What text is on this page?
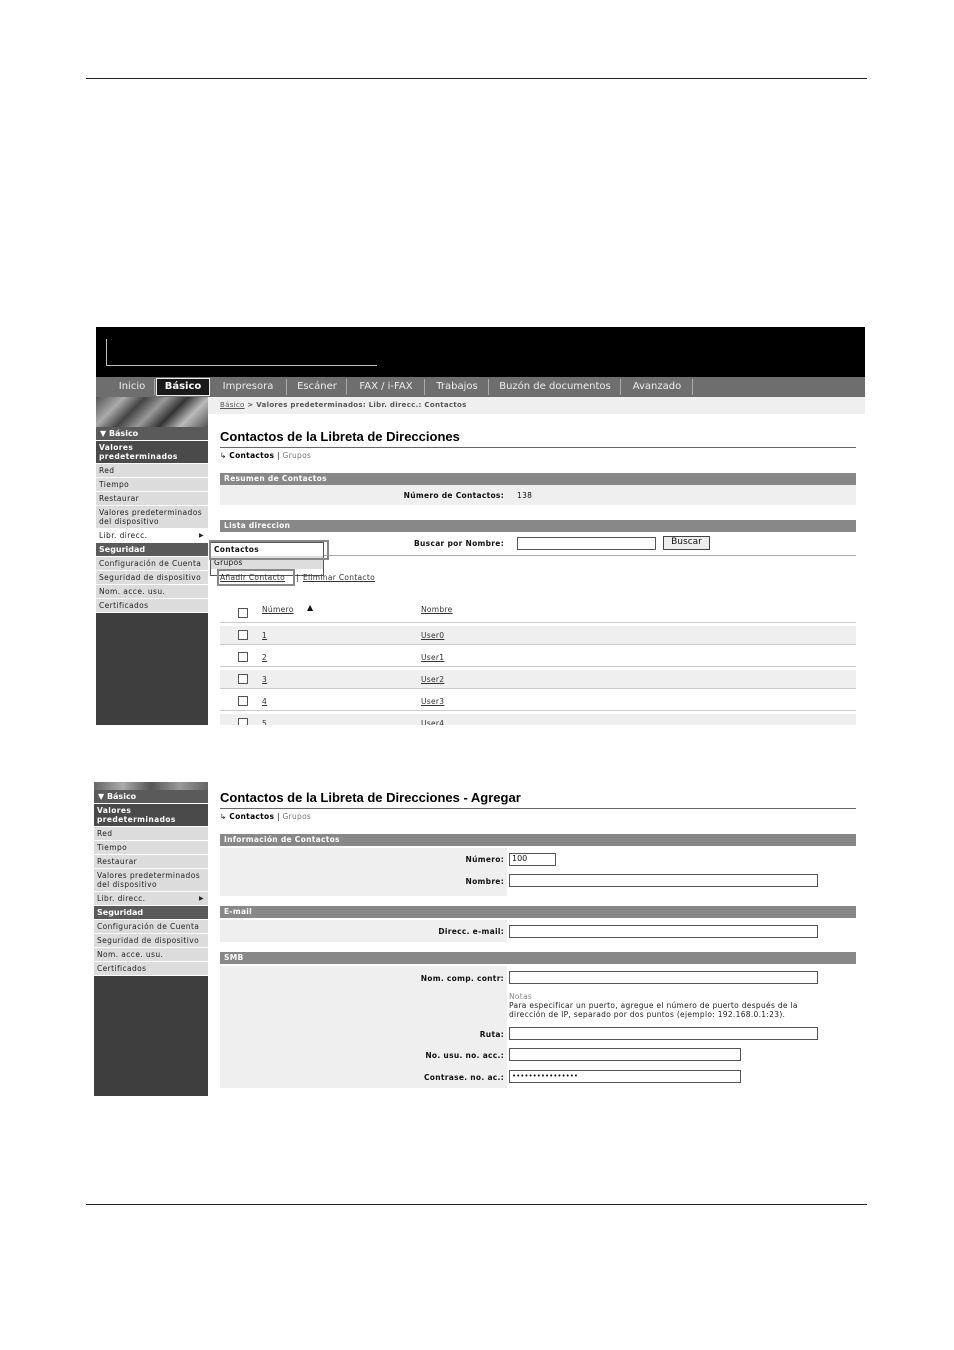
Inicio	Básico	Impresora	Escáner	FAX / i-FAX	Trabajos	Buzón de documentos	Avanzado
▼ Básico
Valores predeterminados
Red
Tiempo
Restaurar
Valores predeterminados del dispositivo
Libr. direcc. ▶
Seguridad
Configuración de Cuenta
Seguridad de dispositivo
Nom. acce. usu.
Certificados
Básico > Valores predeterminados: Libr. direcc.: Contactos
Contactos de la Libreta de Direcciones
↳ Contactos | Grupos
Resumen de Contactos
Número de Contactos: 138
Lista direccion
Buscar por Nombre:	Buscar
Contactos
Grupos
Añadir Contacto | Eliminar Contacto
Número ▲	Nombre
1	User0
2	User1
3	User2
4	User3
5	User4
▼ Básico
Valores predeterminados
Red
Tiempo
Restaurar
Valores predeterminados del dispositivo
Libr. direcc. ▶
Seguridad
Configuración de Cuenta
Seguridad de dispositivo
Nom. acce. usu.
Certificados
Contactos de la Libreta de Direcciones - Agregar
↳ Contactos | Grupos
Información de Contactos
Número:	100
Nombre:
E-mail
Direcc. e-mail:
SMB
Nom. comp. contr:
Notas
Para especificar un puerto, agregue el número de puerto después de la
dirección de IP, separado por dos puntos (ejemplo: 192.168.0.1:23).
Ruta:
No. usu. no. acc.:
Contrase. no. ac.:	••••••••••••••••
